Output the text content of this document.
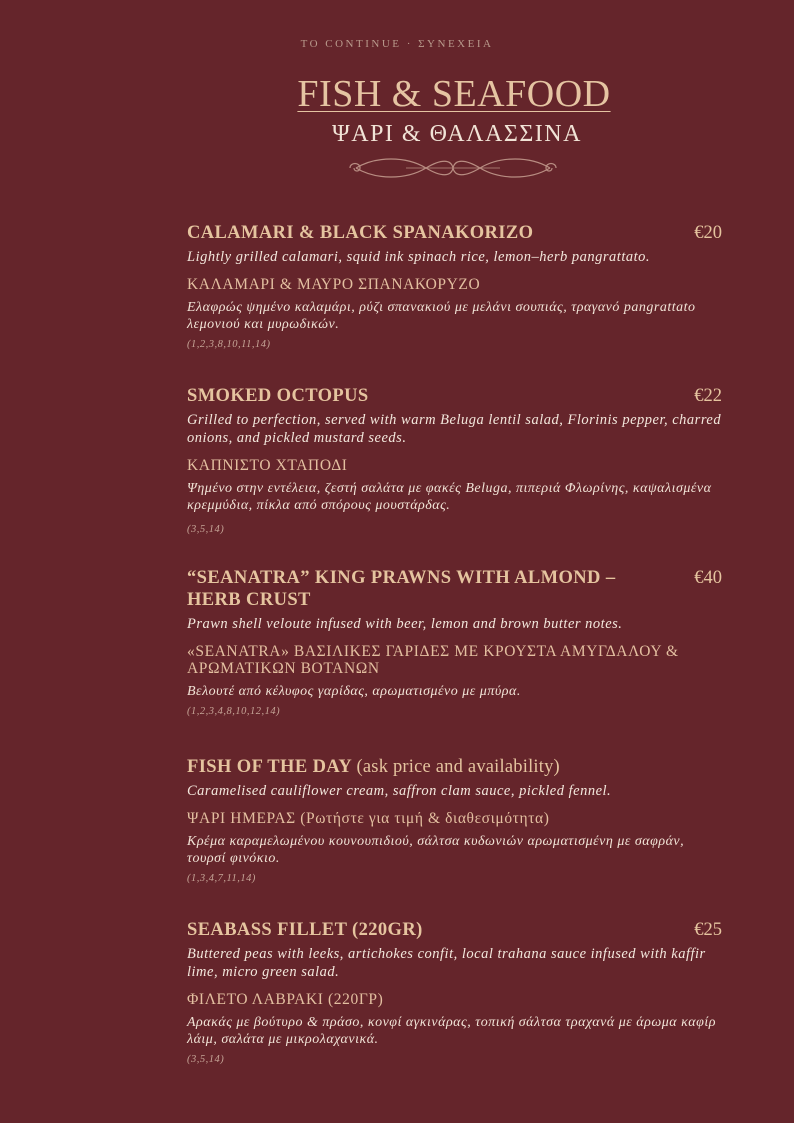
TO CONTINUE · ΣΥΝΕΧΕΙΑ
FISH & SEAFOOD
ΨΑΡΙ & ΘΑΛΑΣΣΙΝΑ
CALAMARI & BLACK SPANAKORIZO	€20
Lightly grilled calamari, squid ink spinach rice, lemon–herb pangrattato.
ΚΑΛΑΜΑΡΙ & ΜΑΥΡΟ ΣΠΑΝΑΚΟΡΥΖΟ
Ελαφρώς ψημένο καλαμάρι, ρύζι σπανακιού με μελάνι σουπιάς, τραγανό pangrattato λεμονιού και μυρωδικών.
(1,2,3,8,10,11,14)
SMOKED OCTOPUS	€22
Grilled to perfection, served with warm Beluga lentil salad, Florinis pepper, charred onions, and pickled mustard seeds.
ΚΑΠΝΙΣΤΟ ΧΤΑΠΟΔΙ
Ψημένο στην εντέλεια, ζεστή σαλάτα με φακές Beluga, πιπεριά Φλωρίνης, καψαλισμένα κρεμμύδια, πίκλα από σπόρους μουστάρδας.
(3,5,14)
“SEANATRA” KING PRAWNS WITH ALMOND –HERB CRUST
€40
Prawn shell veloute infused with beer, lemon and brown butter notes.
«SEANATRA» ΒΑΣΙΛΙΚΕΣ ΓΑΡΙΔΕΣ ΜΕ ΚΡΟΥΣΤΑ ΑΜΥΓΔΑΛΟΥ & ΑΡΩΜΑΤΙΚΩΝ ΒΟΤΑΝΩΝ
Βελουτέ από κέλυφος γαρίδας, αρωματισμένο με μπύρα.
(1,2,3,4,8,10,12,14)
FISH OF THE DAY (ask price and availability)
Caramelised cauliflower cream, saffron clam sauce, pickled fennel.
ΨΑΡΙ ΗΜΕΡΑΣ (Ρωτήστε για τιμή & διαθεσιμότητα)
Κρέμα καραμελωμένου κουνουπιδιού, σάλτσα κυδωνιών αρωματισμένη με σαφράν, τουρσί φινόκιο.
(1,3,4,7,11,14)
SEABASS FILLET (220GR)	€25
Buttered peas with leeks, artichokes confit, local trahana sauce infused with kaffir lime, micro green salad.
ΦΙΛΕΤΟ ΛΑΒΡΑΚΙ (220ΓΡ)
Αρακάς με βούτυρο & πράσο, κονφί αγκινάρας, τοπική σάλτσα τραχανά με άρωμα καφίρ λάιμ, σαλάτα με μικρολαχανικά.
(3,5,14)
